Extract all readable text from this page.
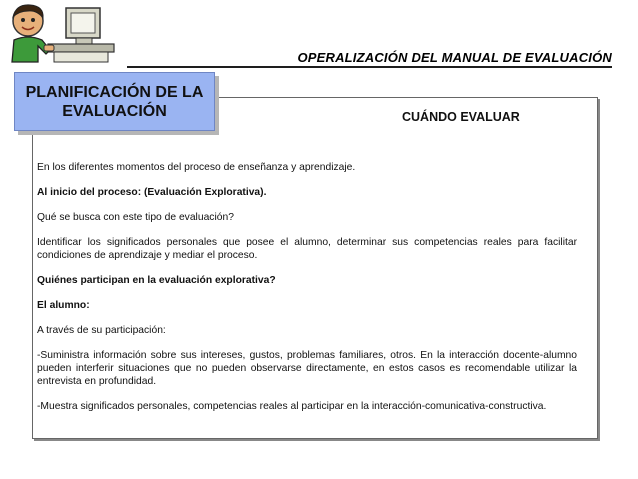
OPERALIZACIÓN DEL MANUAL DE EVALUACIÓN
PLANIFICACIÓN DE LA
EVALUACIÓN	CUÁNDO EVALUAR

En los diferentes momentos del proceso de enseñanza y aprendizaje.

Al inicio del proceso: (Evaluación Explorativa).

Qué se busca con este tipo de evaluación?

Identificar los significados personales que posee el alumno, determinar sus competencias reales para facilitar condiciones de aprendizaje y mediar el proceso.

Quiénes participan en la evaluación explorativa?

El alumno:

A través de su participación:

-Suministra información sobre sus intereses, gustos, problemas familiares, otros. En la interacción docente-alumno pueden interferir situaciones que no pueden observarse directamente, en estos casos es recomendable utilizar la entrevista en profundidad.

-Muestra significados personales, competencias reales al participar en la interacción-comunicativa-constructiva.
